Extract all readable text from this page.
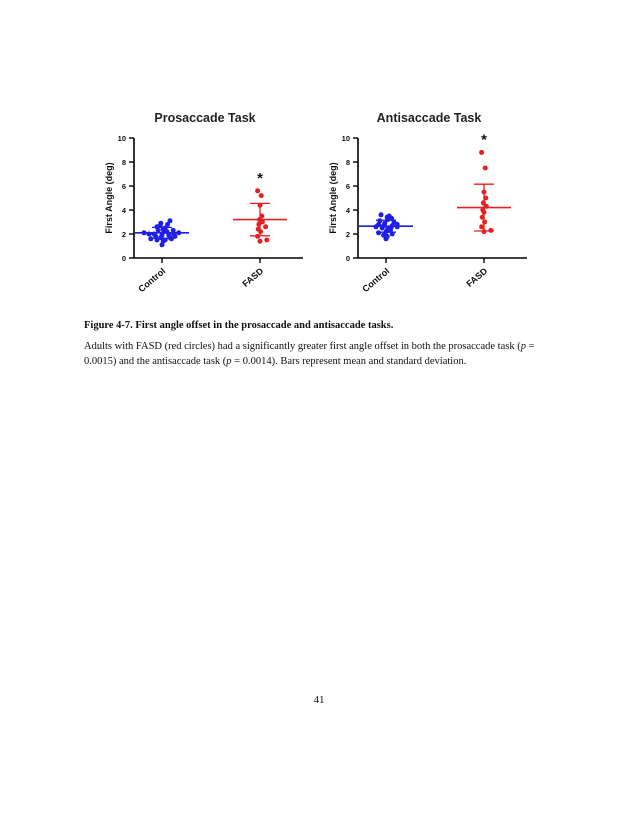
Prosaccade Task
0
2
4
6
8
10
First Angle (deg)
Control	FASD
*
Antisaccade Task
0
2
4
6
8
10
First Angle (deg)
Control	FASD
*
Figure 4-7. First angle offset in the prosaccade and antisaccade tasks.
Adults with FASD (red circles) had a significantly greater first angle offset in both the prosaccade task (p = 0.0015) and the antisaccade task (p = 0.0014). Bars represent mean and standard deviation.
41
